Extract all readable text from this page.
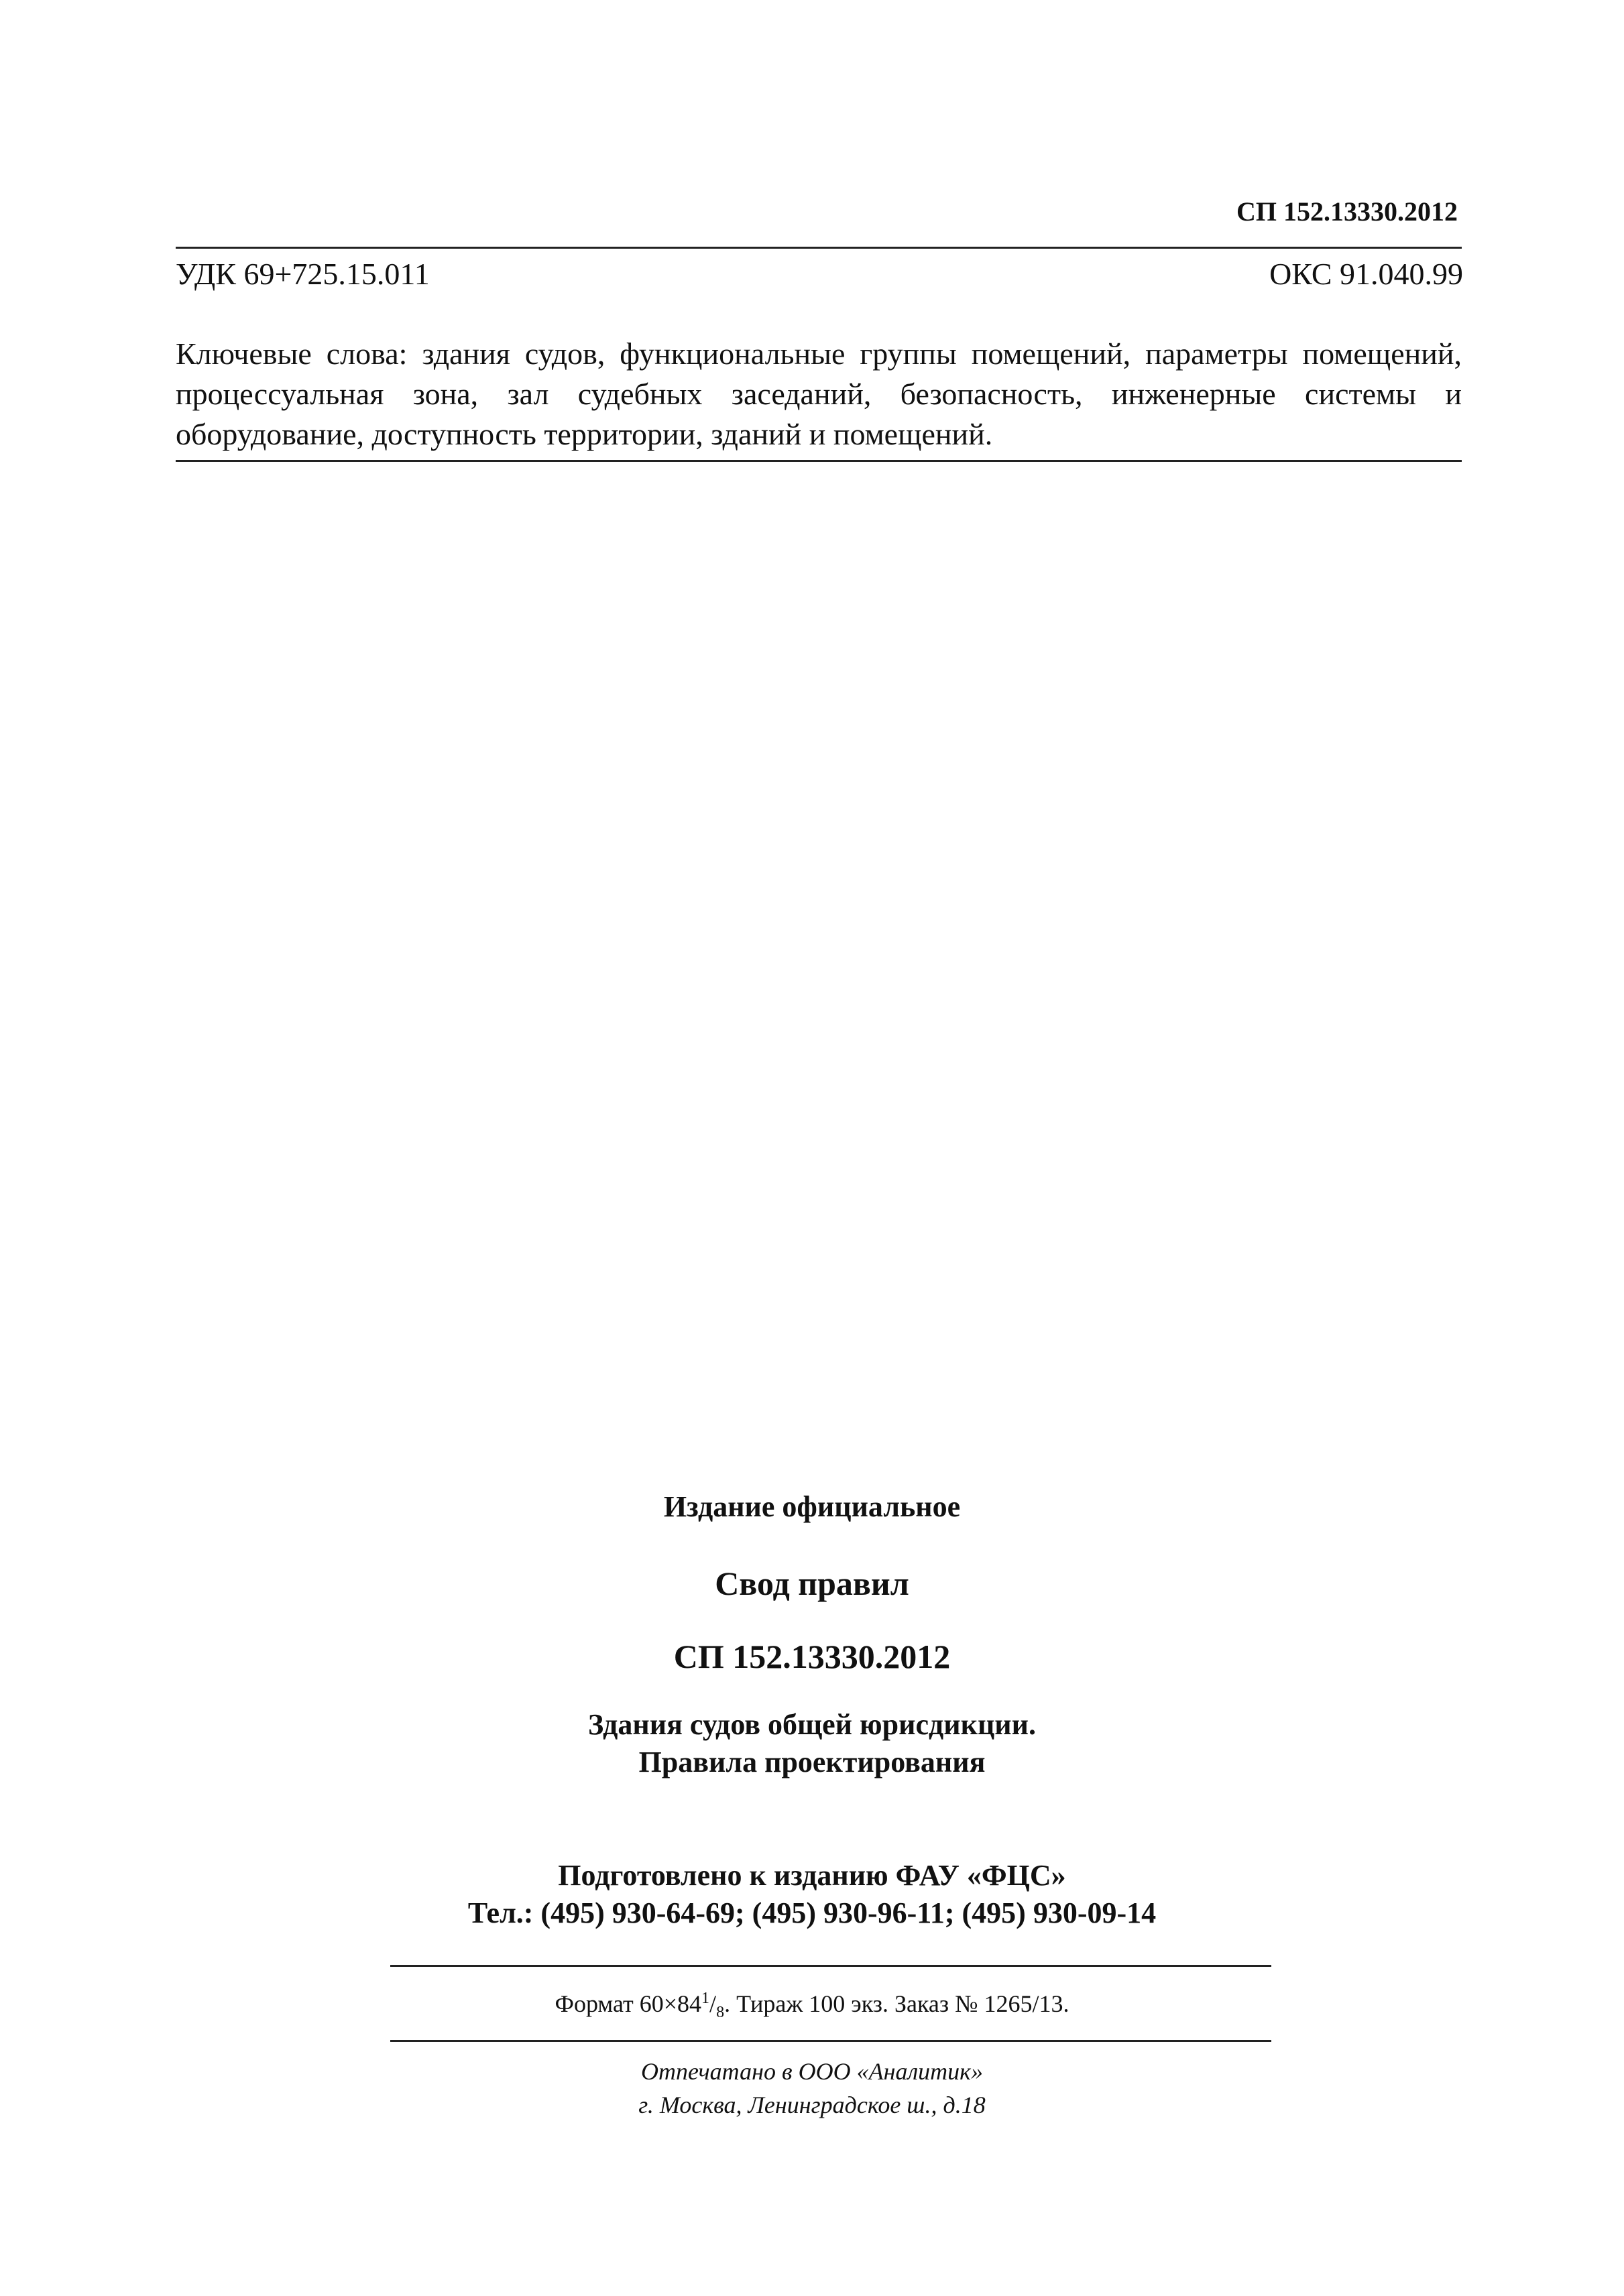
СП 152.13330.2012
УДК 69+725.15.011	ОКС 91.040.99
Ключевые слова: здания судов, функциональные группы помещений, параметры помещений, процессуальная зона, зал судебных заседаний, безопасность, инженерные системы и оборудование, доступность территории, зданий и помещений.
Издание официальное
Свод правил
СП 152.13330.2012
Здания судов общей юрисдикции.
Правила проектирования
Подготовлено к изданию ФАУ «ФЦС»
Тел.: (495) 930-64-69; (495) 930-96-11; (495) 930-09-14
Формат $60\times 84^1/_8$. Тираж 100 экз. Заказ № 1265/13.
Отпечатано в ООО «Аналитик»
г. Москва, Ленинградское ш., д.18
